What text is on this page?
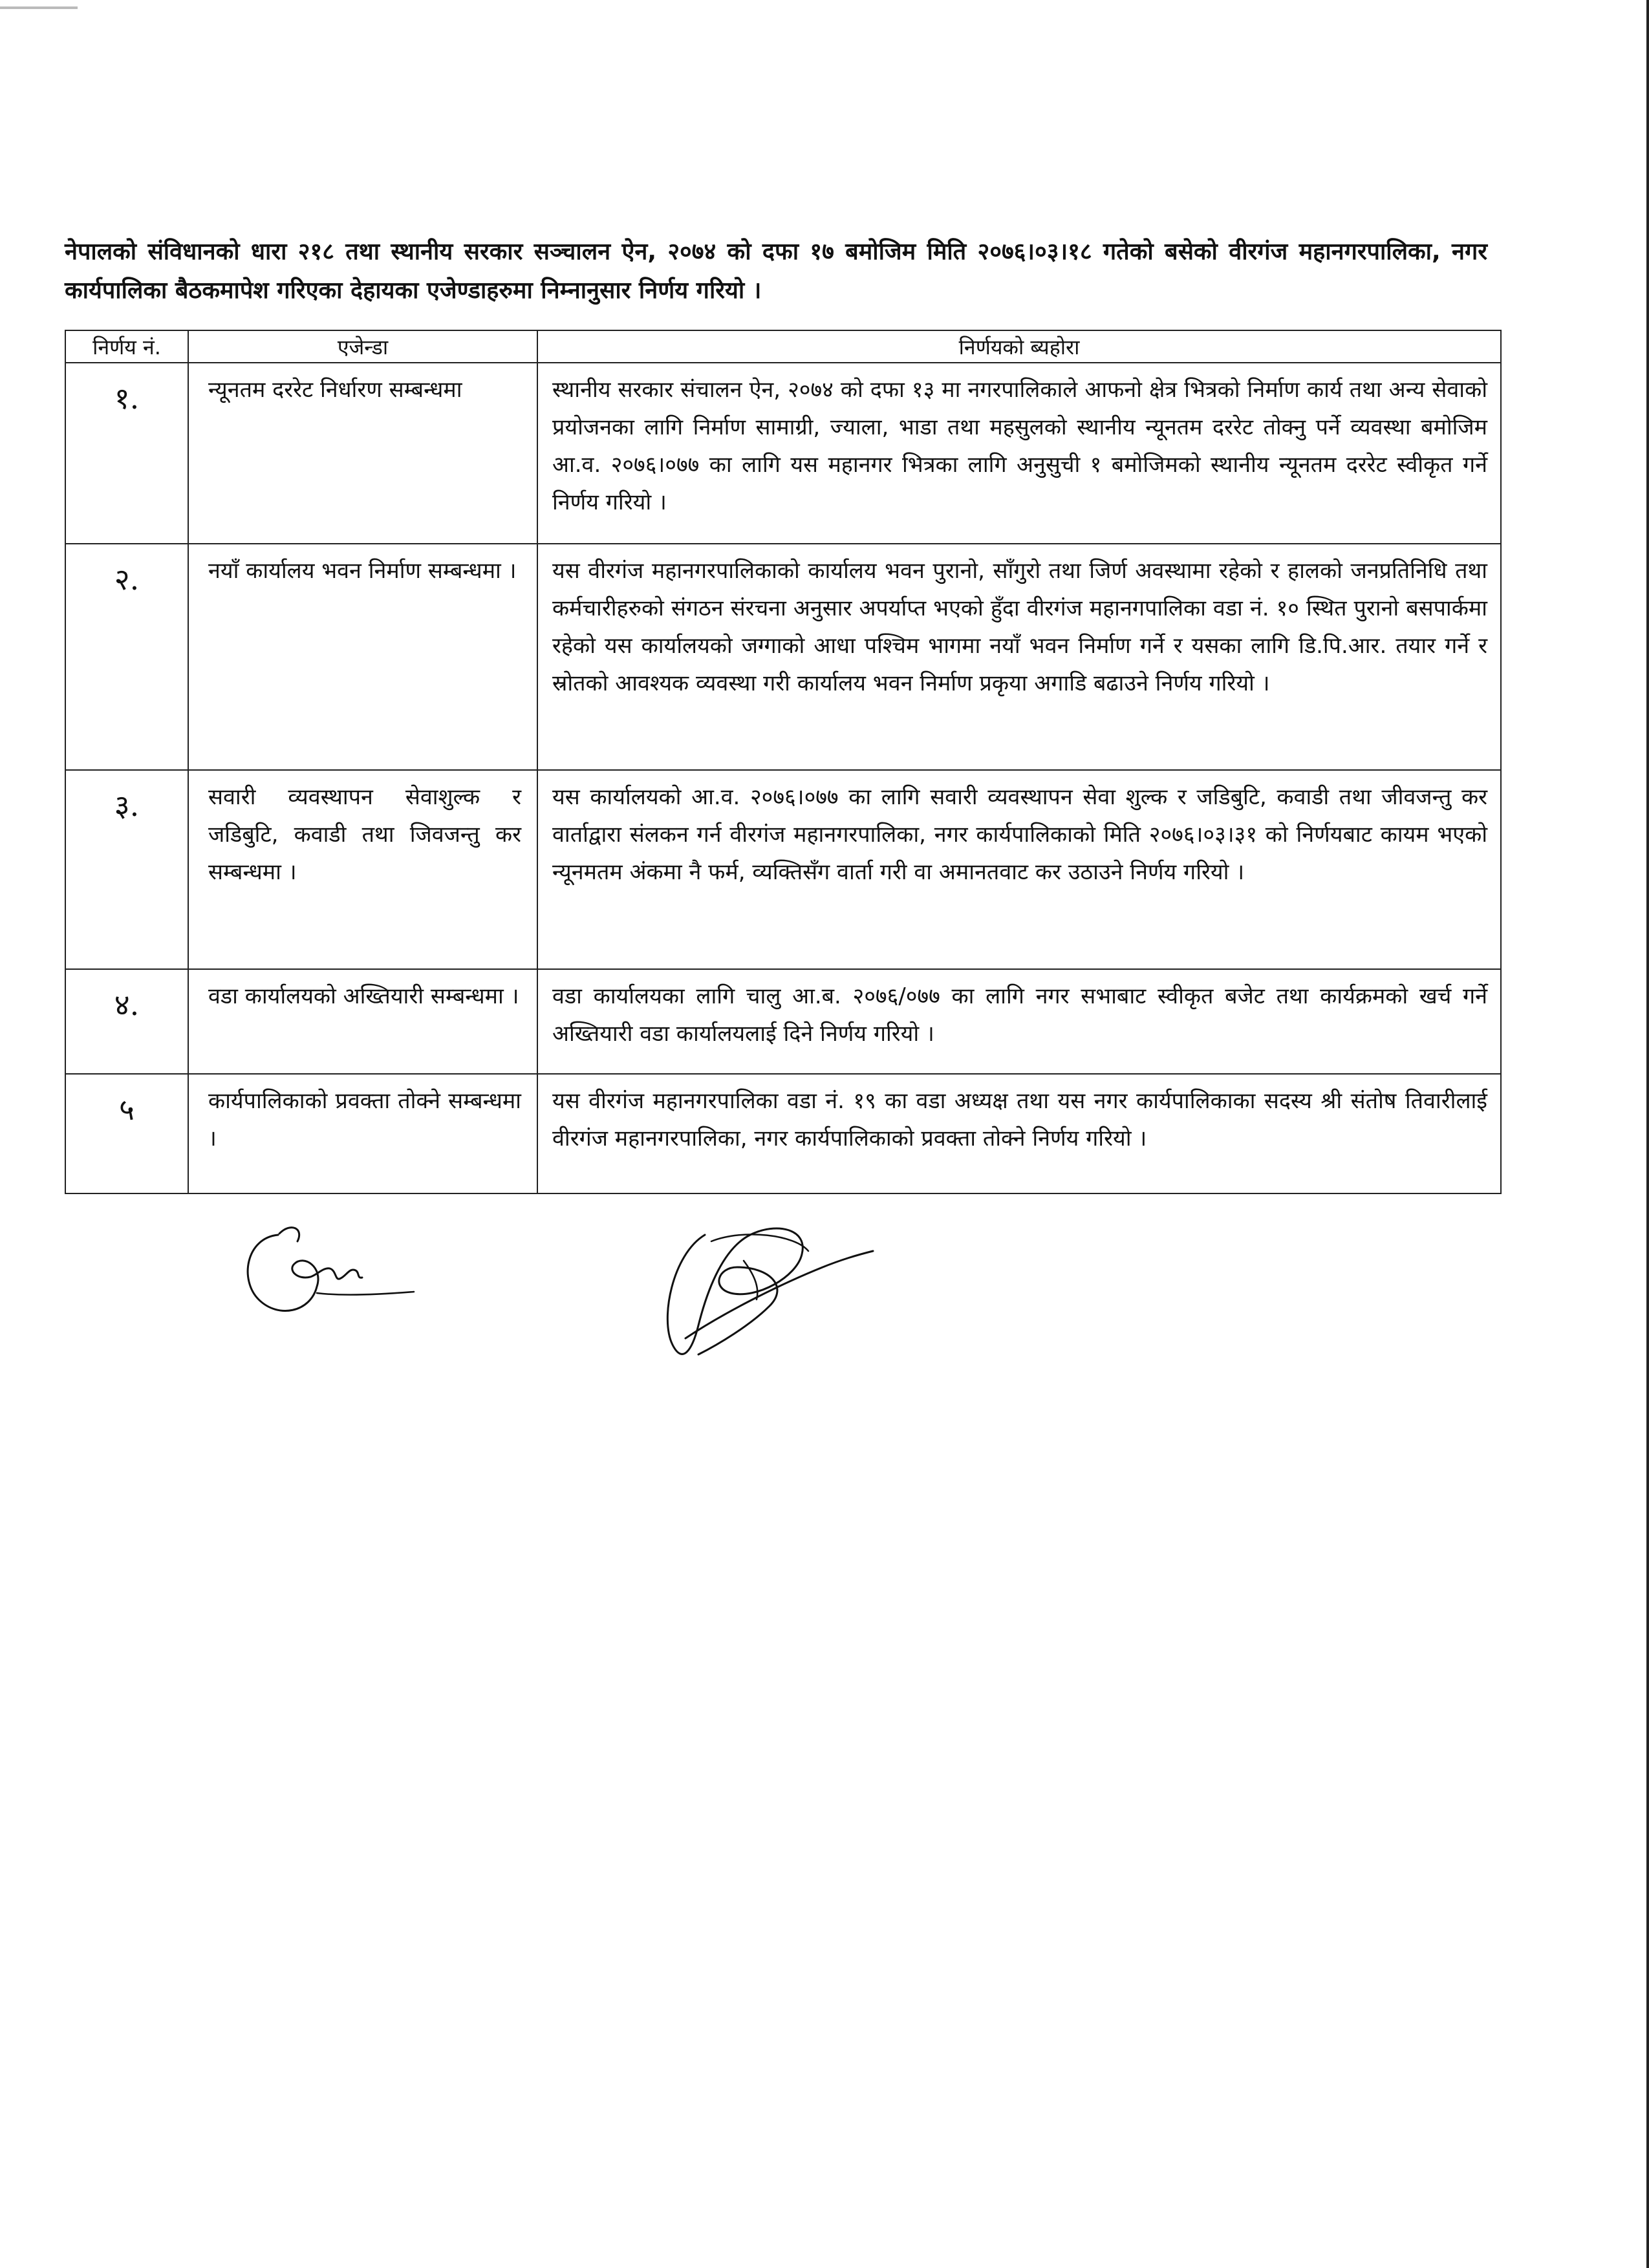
नेपालको संविधानको धारा २१८ तथा स्थानीय सरकार सञ्चालन ऐन, २०७४ को दफा १७ बमोजिम मिति २०७६।०३।१८ गतेको बसेको वीरगंज महानगरपालिका, नगर कार्यपालिका बैठकमापेश गरिएका देहायका एजेण्डाहरुमा निम्नानुसार निर्णय गरियो ।
निर्णय नं.	एजेन्डा	निर्णयको ब्यहोरा
१.	न्यूनतम दररेट निर्धारण सम्बन्धमा	स्थानीय सरकार संचालन ऐन, २०७४ को दफा १३ मा नगरपालिकाले आफनो क्षेत्र भित्रको निर्माण कार्य तथा अन्य सेवाको प्रयोजनका लागि निर्माण सामाग्री, ज्याला, भाडा तथा महसुलको स्थानीय न्यूनतम दररेट तोक्नु पर्ने व्यवस्था बमोजिम आ.व. २०७६।०७७ का लागि यस महानगर भित्रका लागि अनुसुची १ बमोजिमको स्थानीय न्यूनतम दररेट स्वीकृत गर्ने निर्णय गरियो ।
२.	नयाँ कार्यालय भवन निर्माण सम्बन्धमा ।	यस वीरगंज महानगरपालिकाको कार्यालय भवन पुरानो, साँगुरो तथा जिर्ण अवस्थामा रहेको र हालको जनप्रतिनिधि तथा कर्मचारीहरुको संगठन संरचना अनुसार अपर्याप्त भएको हुँदा वीरगंज महानगपालिका वडा नं. १० स्थित पुरानो बसपार्कमा रहेको यस कार्यालयको जग्गाको आधा पश्चिम भागमा नयाँ भवन निर्माण गर्ने र यसका लागि डि.पि.आर. तयार गर्ने र स्रोतको आवश्यक व्यवस्था गरी कार्यालय भवन निर्माण प्रकृया अगाडि बढाउने निर्णय गरियो ।
३.	सवारी व्यवस्थापन सेवाशुल्क र जडिबुटि, कवाडी तथा जिवजन्तु कर सम्बन्धमा ।	यस कार्यालयको आ.व. २०७६।०७७ का लागि सवारी व्यवस्थापन सेवा शुल्क र जडिबुटि, कवाडी तथा जीवजन्तु कर वार्ताद्वारा संलकन गर्न वीरगंज महानगरपालिका, नगर कार्यपालिकाको मिति २०७६।०३।३१ को निर्णयबाट कायम भएको न्यूनमतम अंकमा नै फर्म, व्यक्तिसँग वार्ता गरी वा अमानतवाट कर उठाउने निर्णय गरियो ।
४.	वडा कार्यालयको अख्तियारी सम्बन्धमा ।	वडा कार्यालयका लागि चालु आ.ब. २०७६/०७७ का लागि नगर सभाबाट स्वीकृत बजेट तथा कार्यक्रमको खर्च गर्ने अख्तियारी वडा कार्यालयलाई दिने निर्णय गरियो ।
५	कार्यपालिकाको प्रवक्ता तोक्ने सम्बन्धमा ।	यस वीरगंज महानगरपालिका वडा नं. १९ का वडा अध्यक्ष तथा यस नगर कार्यपालिकाका सदस्य श्री संतोष तिवारीलाई वीरगंज महानगरपालिका, नगर कार्यपालिकाको प्रवक्ता तोक्ने निर्णय गरियो ।
